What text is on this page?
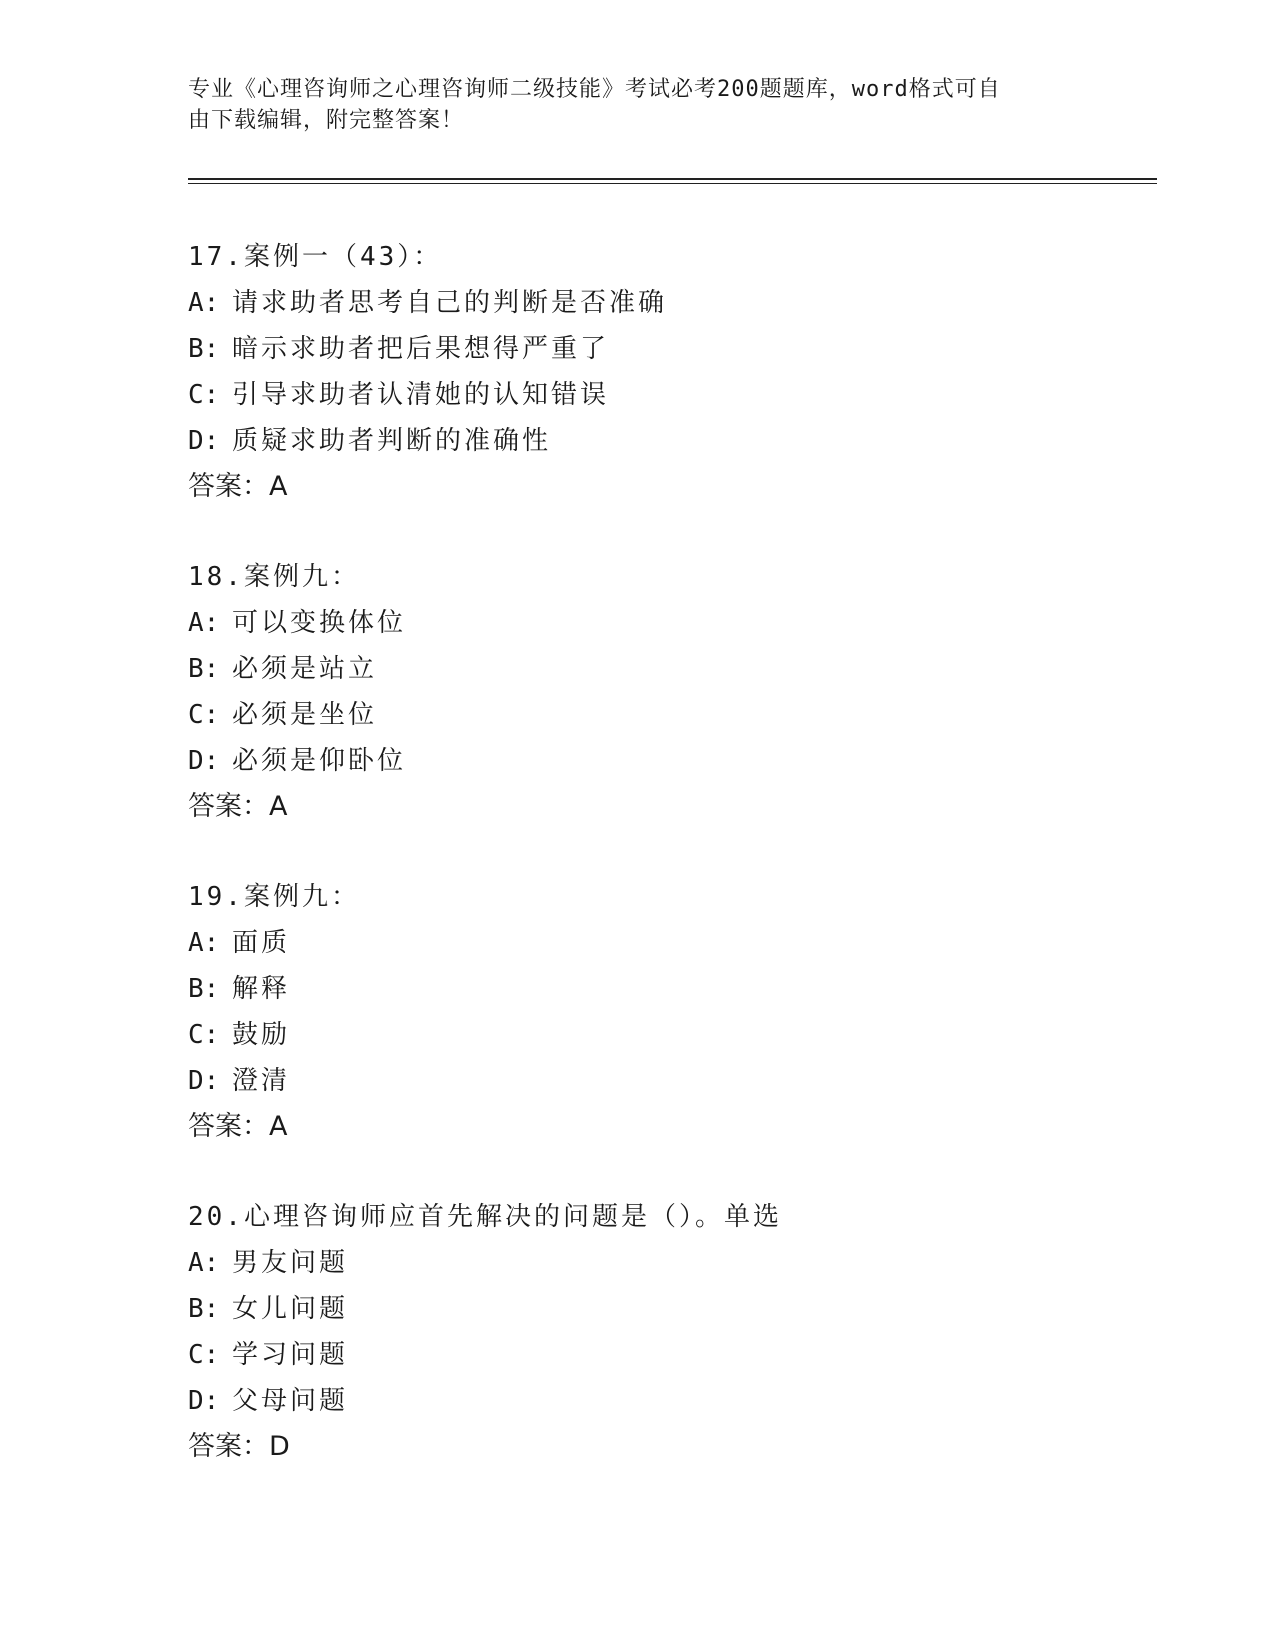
专业《心理咨询师之心理咨询师二级技能》考试必考200题题库，word格式可自
由下载编辑，附完整答案！
17.案例一（43）：
A: 请求助者思考自己的判断是否准确
B: 暗示求助者把后果想得严重了
C: 引导求助者认清她的认知错误
D: 质疑求助者判断的准确性
答案：A
18.案例九：
A: 可以变换体位
B: 必须是站立
C: 必须是坐位
D: 必须是仰卧位
答案：A
19.案例九：
A: 面质
B: 解释
C: 鼓励
D: 澄清
答案：A
20.心理咨询师应首先解决的问题是（）。单选
A: 男友问题
B: 女儿问题
C: 学习问题
D: 父母问题
答案：D
